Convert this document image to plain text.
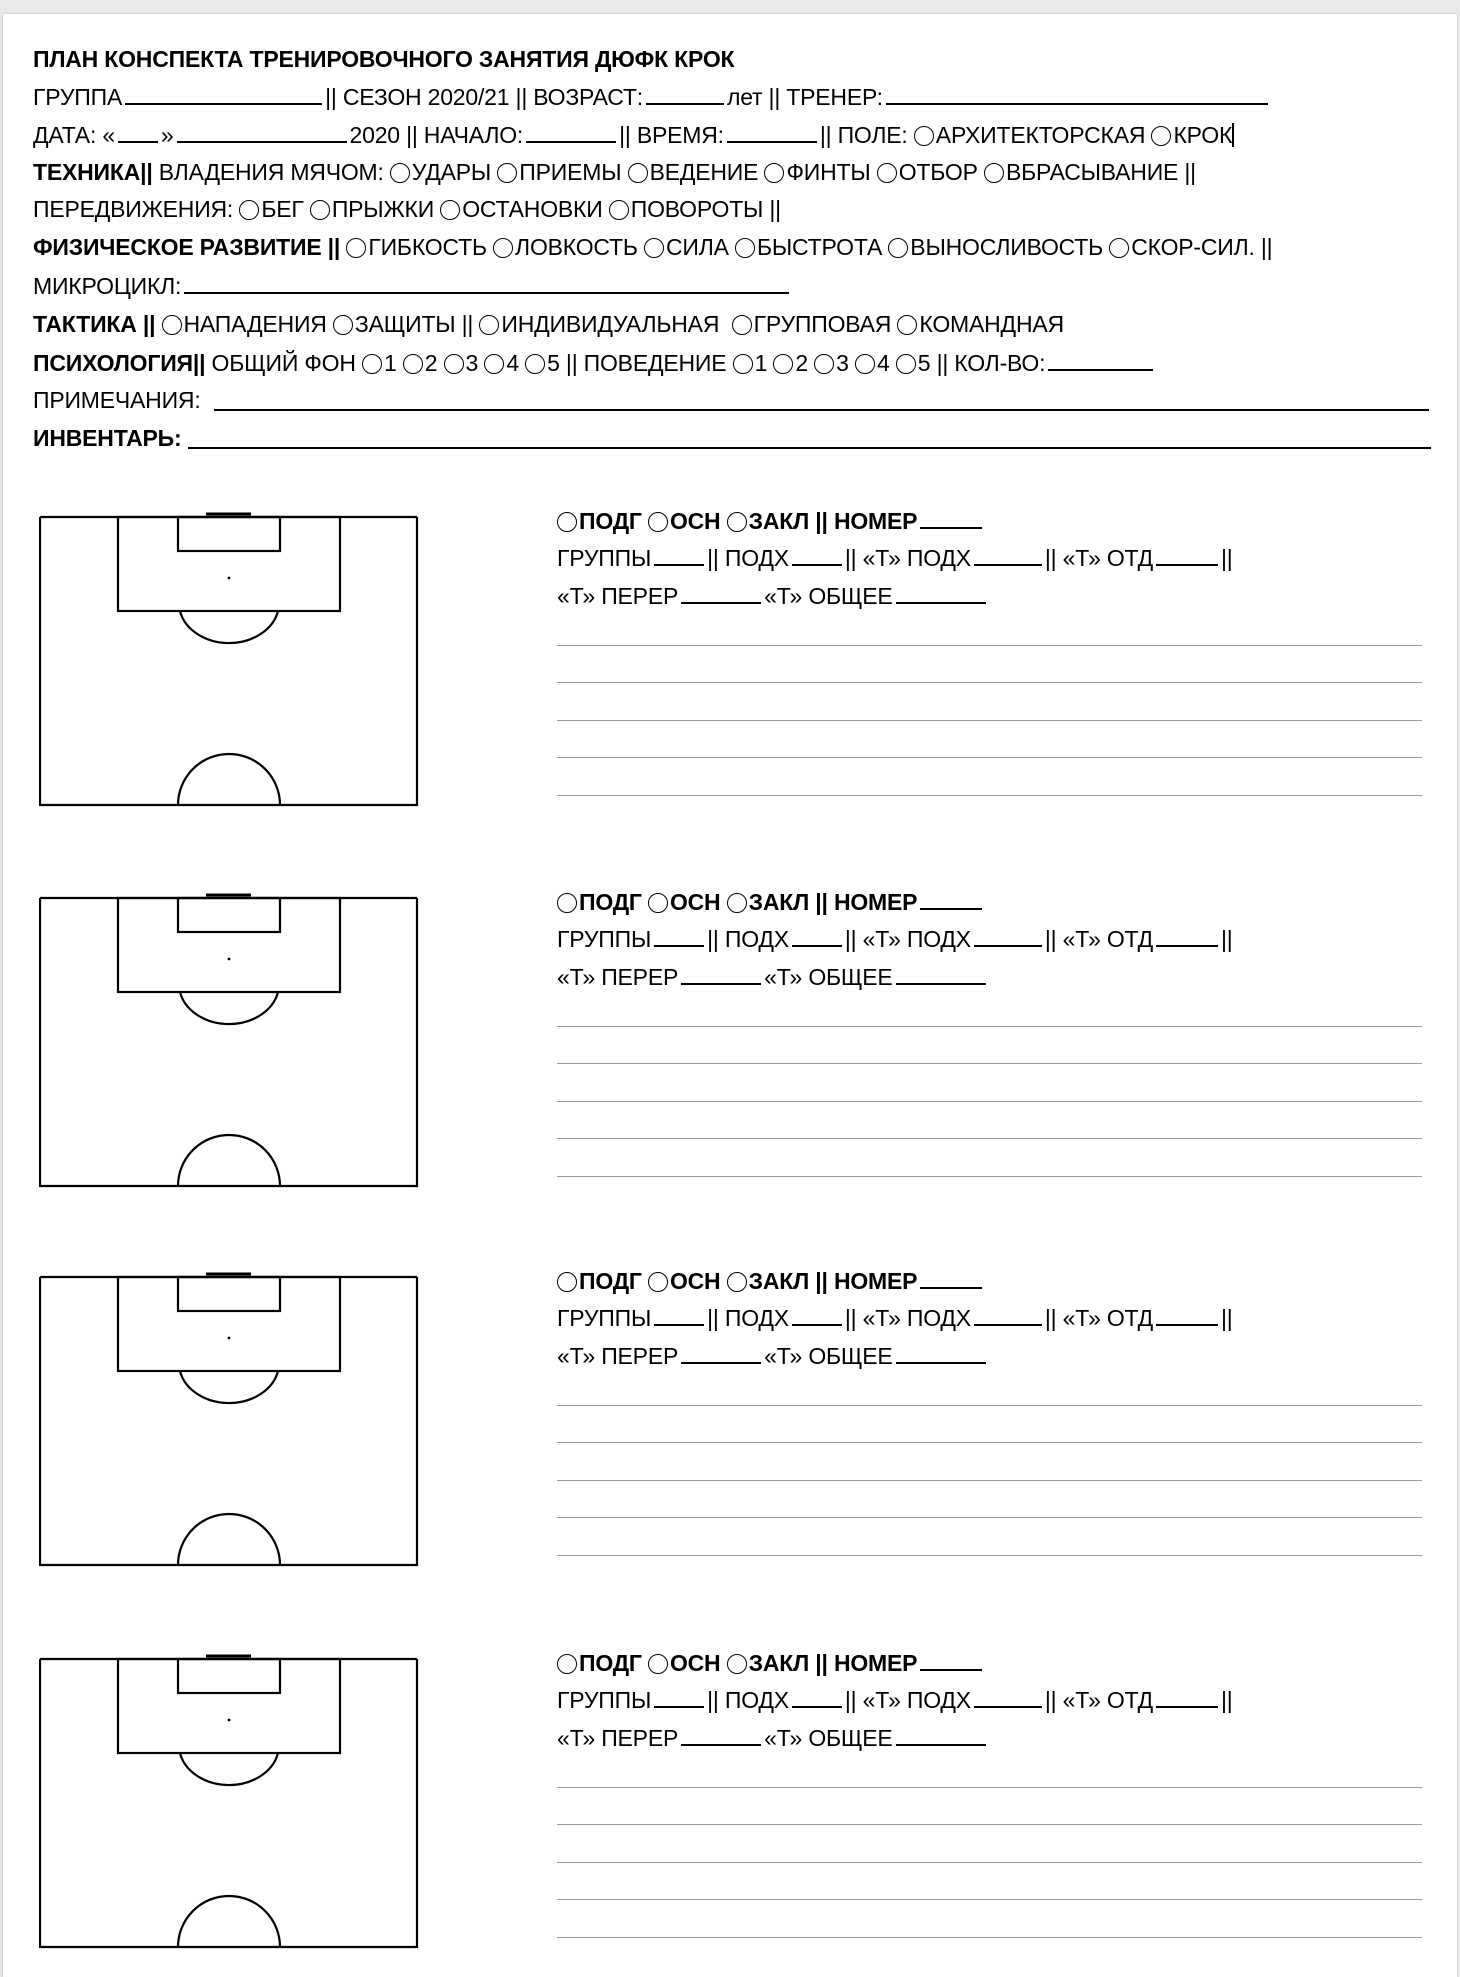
ПЛАН КОНСПЕКТА ТРЕНИРОВОЧНОГО ЗАНЯТИЯ ДЮФК КРОК
ГРУППА	|| СЕЗОН 2020/21 || ВОЗРАСТ:	лет || ТРЕНЕР:
ДАТА: « »	2020 || НАЧАЛО:	|| ВРЕМЯ:	|| ПОЛЕ: АРХИТЕКТОРСКАЯ КРОК
ТЕХНИКА|| ВЛАДЕНИЯ МЯЧОМ: УДАРЫ ПРИЕМЫ ВЕДЕНИЕ ФИНТЫ ОТБОР ВБРАСЫВАНИЕ ||
ПЕРЕДВИЖЕНИЯ: БЕГ ПРЫЖКИ ОСТАНОВКИ ПОВОРОТЫ ||
ФИЗИЧЕСКОЕ РАЗВИТИЕ || ГИБКОСТЬ ЛОВКОСТЬ СИЛА БЫСТРОТА ВЫНОСЛИВОСТЬ СКОР-СИЛ. ||
МИКРОЦИКЛ:
ТАКТИКА || НАПАДЕНИЯ ЗАЩИТЫ || ИНДИВИДУАЛЬНАЯ ГРУППОВАЯ КОМАНДНАЯ
ПСИХОЛОГИЯ|| ОБЩИЙ ФОН 1 2 3 4 5 || ПОВЕДЕНИЕ 1 2 3 4 5 || КОЛ-ВО:
ПРИМЕЧАНИЯ:
ИНВЕНТАРЬ:
ПОДГ ОСН ЗАКЛ || НОМЕР
ГРУППЫ || ПОДХ || «Т» ПОДХ	|| «Т» ОТД	||
«Т» ПЕРЕР	«Т» ОБЩЕЕ
ПОДГ ОСН ЗАКЛ || НОМЕР
ГРУППЫ || ПОДХ || «Т» ПОДХ	|| «Т» ОТД	||
«Т» ПЕРЕР	«Т» ОБЩЕЕ
ПОДГ ОСН ЗАКЛ || НОМЕР
ГРУППЫ || ПОДХ || «Т» ПОДХ	|| «Т» ОТД	||
«Т» ПЕРЕР	«Т» ОБЩЕЕ
ПОДГ ОСН ЗАКЛ || НОМЕР
ГРУППЫ || ПОДХ || «Т» ПОДХ	|| «Т» ОТД	||
«Т» ПЕРЕР	«Т» ОБЩЕЕ
